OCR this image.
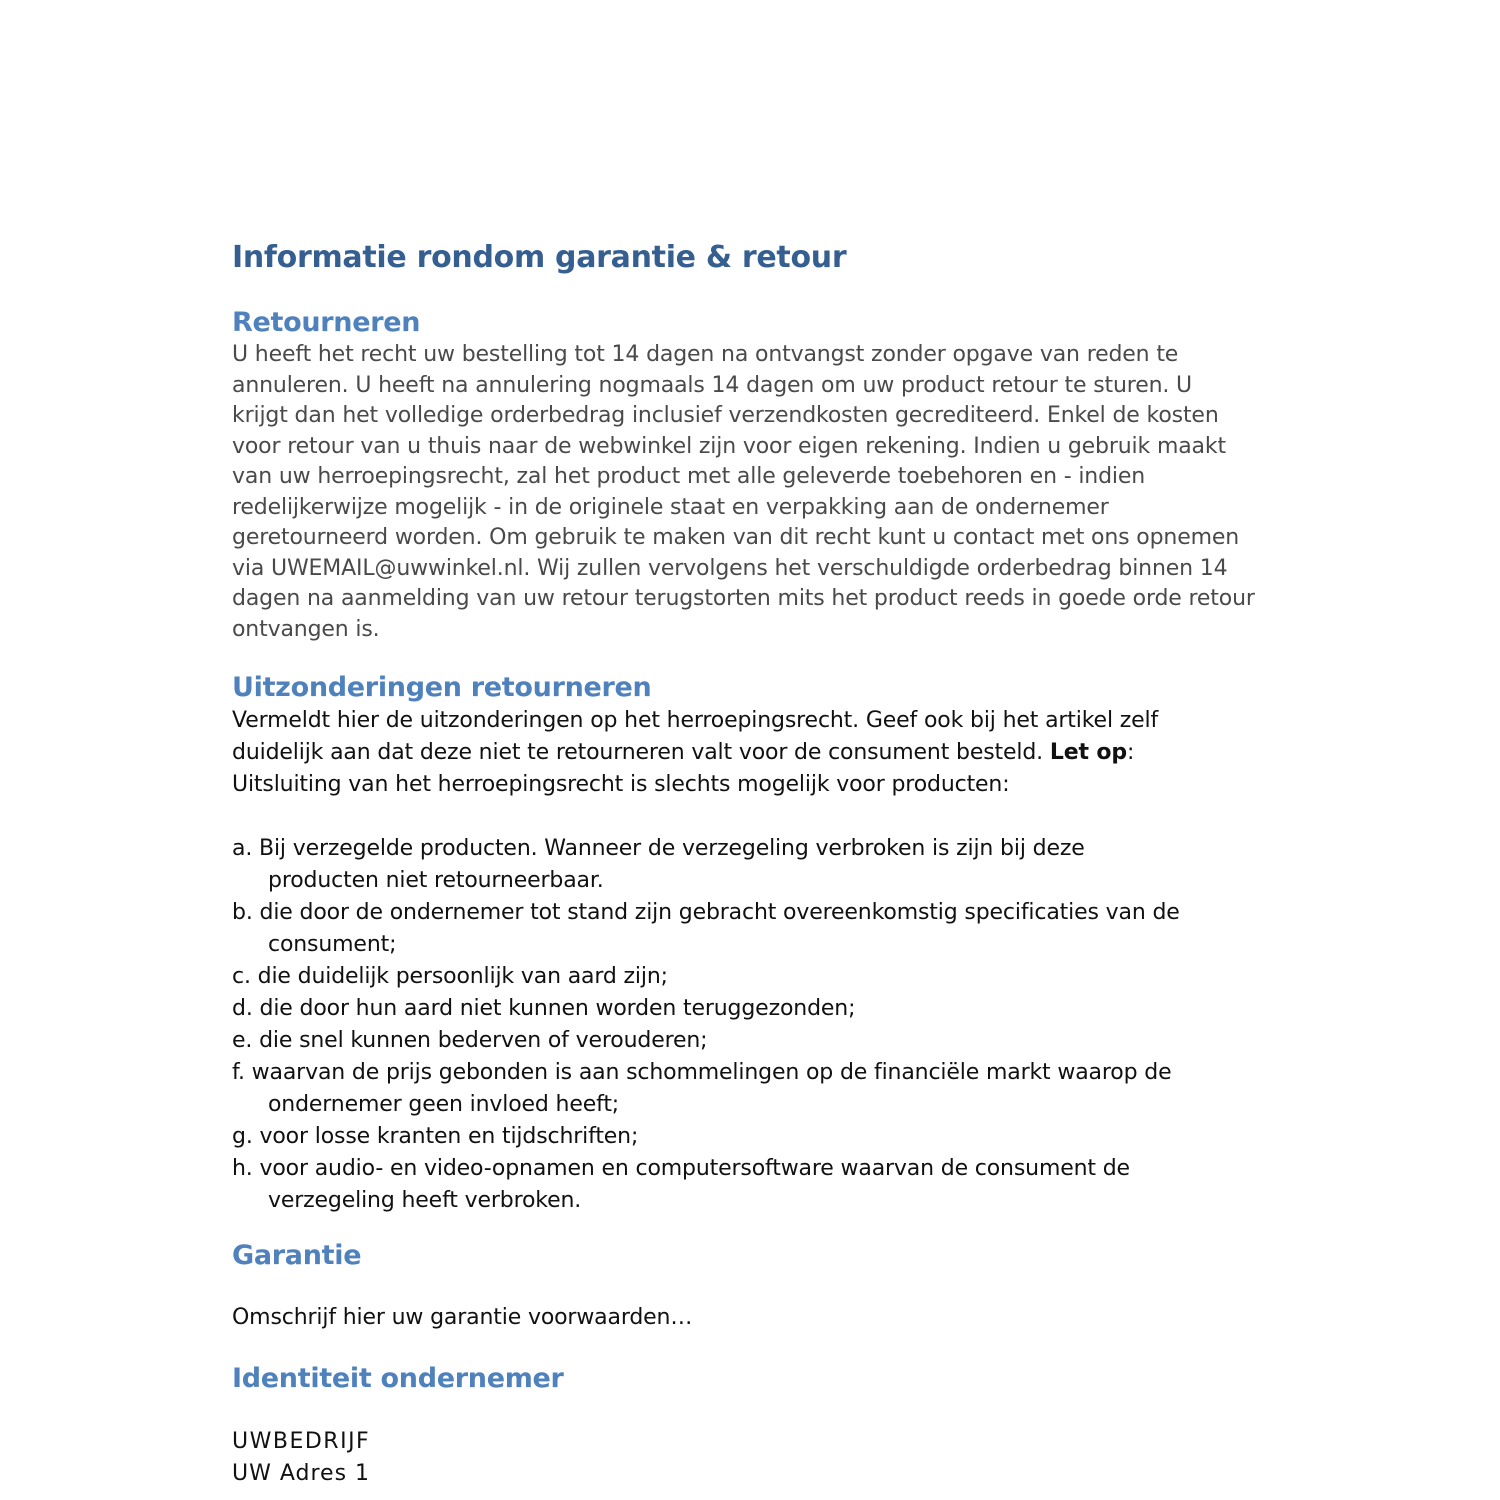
Informatie rondom garantie & retour
Retourneren
U heeft het recht uw bestelling tot 14 dagen na ontvangst zonder opgave van reden te
annuleren. U heeft na annulering nogmaals 14 dagen om uw product retour te sturen. U
krijgt dan het volledige orderbedrag inclusief verzendkosten gecrediteerd. Enkel de kosten
voor retour van u thuis naar de webwinkel zijn voor eigen rekening. Indien u gebruik maakt
van uw herroepingsrecht, zal het product met alle geleverde toebehoren en - indien
redelijkerwijze mogelijk - in de originele staat en verpakking aan de ondernemer
geretourneerd worden. Om gebruik te maken van dit recht kunt u contact met ons opnemen
via UWEMAIL@uwwinkel.nl. Wij zullen vervolgens het verschuldigde orderbedrag binnen 14
dagen na aanmelding van uw retour terugstorten mits het product reeds in goede orde retour
ontvangen is.
Uitzonderingen retourneren
Vermeldt hier de uitzonderingen op het herroepingsrecht. Geef ook bij het artikel zelf
duidelijk aan dat deze niet te retourneren valt voor de consument besteld. Let op:
Uitsluiting van het herroepingsrecht is slechts mogelijk voor producten:
a. Bij verzegelde producten. Wanneer de verzegeling verbroken is zijn bij deze
producten niet retourneerbaar.
b. die door de ondernemer tot stand zijn gebracht overeenkomstig specificaties van de
consument;
c. die duidelijk persoonlijk van aard zijn;
d. die door hun aard niet kunnen worden teruggezonden;
e. die snel kunnen bederven of verouderen;
f. waarvan de prijs gebonden is aan schommelingen op de financiële markt waarop de
ondernemer geen invloed heeft;
g. voor losse kranten en tijdschriften;
h. voor audio- en video-opnamen en computersoftware waarvan de consument de
verzegeling heeft verbroken.
Garantie
Omschrijf hier uw garantie voorwaarden…
Identiteit ondernemer
UWBEDRIJF
UW Adres 1
